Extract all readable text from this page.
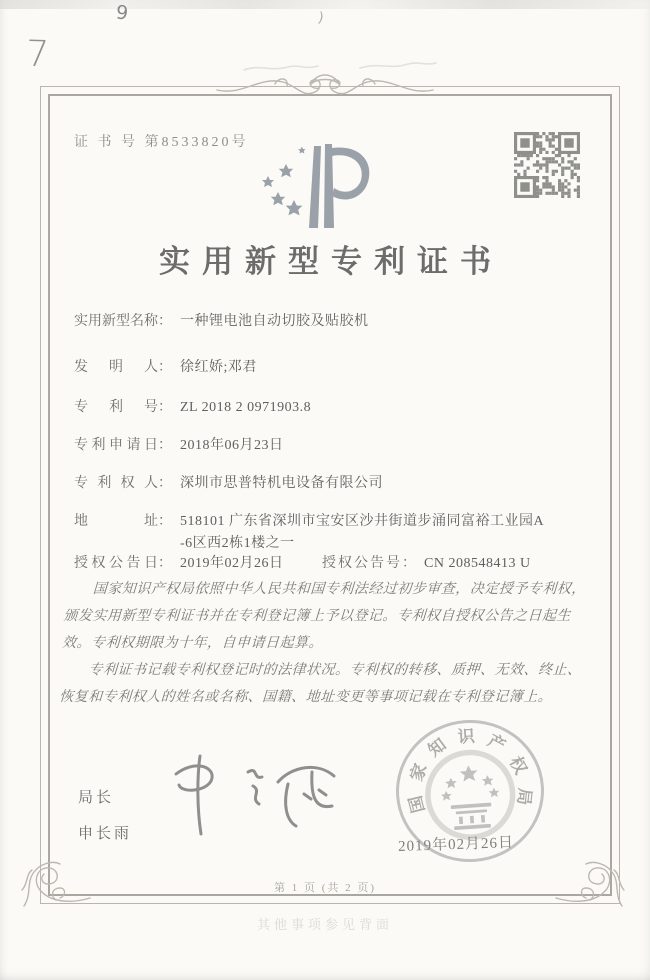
9
7
)
证 书 号 第8533820号
实用新型专利证书
实用新型名称： 一种锂电池自动切胶及贴胶机
发明人： 徐红娇;邓君
专利号： ZL 2018 2 0971903.8
专利申请日： 2018年06月23日
专利权人： 深圳市思普特机电设备有限公司
地址： 518101 广东省深圳市宝安区沙井街道步涌同富裕工业园A
-6区西2栋1楼之一
授权公告日： 2019年02月26日	授权公告号： CN 208548413 U

国家知识产权局依照中华人民共和国专利法经过初步审查，决定授予专利权，颁发实用新型专利证书并在专利登记簿上予以登记。专利权自授权公告之日起生效。专利权期限为十年，自申请日起算。

专利证书记载专利权登记时的法律状况。专利权的转移、质押、无效、终止、恢复和专利权人的姓名或名称、国籍、地址变更等事项记载在专利登记簿上。

局长
申长雨
国
家
知 识 产
权
局
2019年02月26日
第 1 页 (共 2 页)
其他事项参见背面
